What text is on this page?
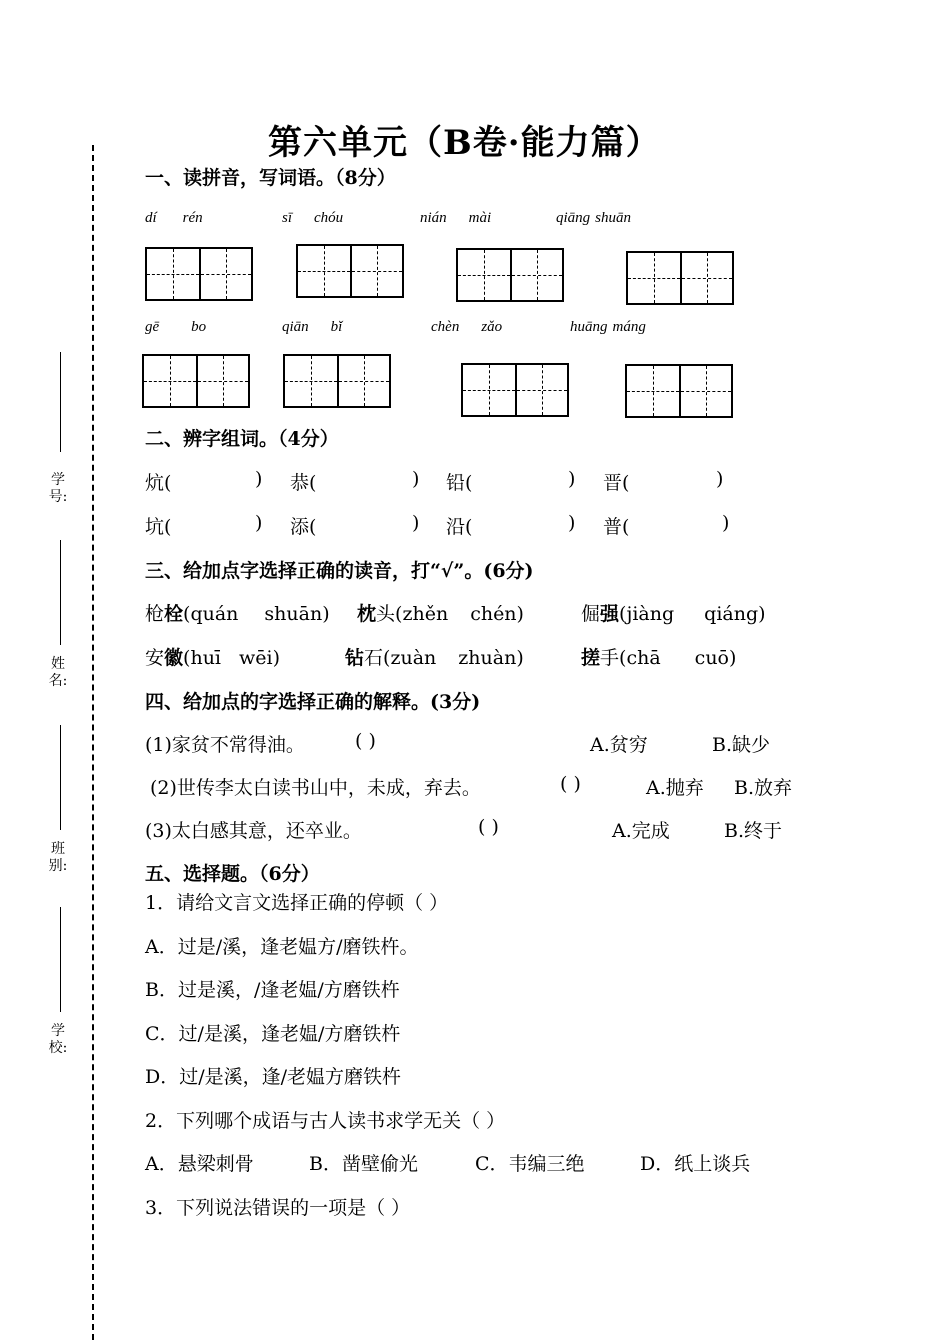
学号:
姓名:
班别:
学校:
第六单元（B卷·能力篇）
一、读拼音，写词语。（8分）
dí rén	sī chóu	nián mài	qiāng shuān
gē bo	qiān bǐ	chèn zǎo	huāng máng
二、辨字组词。（4分）
炕(	) 恭(	) 铅(	) 晋(	)
坑(	) 添(	) 沿(	) 普(	)
三、给加点字选择正确的读音，打“√”。(6分)
枪栓(quán shuān) 枕头(zhěn chén)	倔强(jiàng qiáng)
安徽(huī wēi)	钻石(zuàn zhuàn)	搓手(chā cuō)
四、给加点的字选择正确的解释。(3分)
(1)家贫不常得油。	( )	A.贫穷	B.缺少
(2)世传李太白读书山中，未成，弃去。	( )	A.抛弃 B.放弃
(3)太白感其意，还卒业。	( )	A.完成	B.终于
五、选择题。（6分）
1．请给文言文选择正确的停顿（ ）
A．过是/溪，逢老媪方/磨铁杵。
B．过是溪，/逢老媪/方磨铁杵
C．过/是溪，逢老媪/方磨铁杵
D．过/是溪，逢/老媪方磨铁杵
2．下列哪个成语与古人读书求学无关（ ）
A．悬梁刺骨	B．凿壁偷光	C．韦编三绝	D．纸上谈兵
3．下列说法错误的一项是（ ）
